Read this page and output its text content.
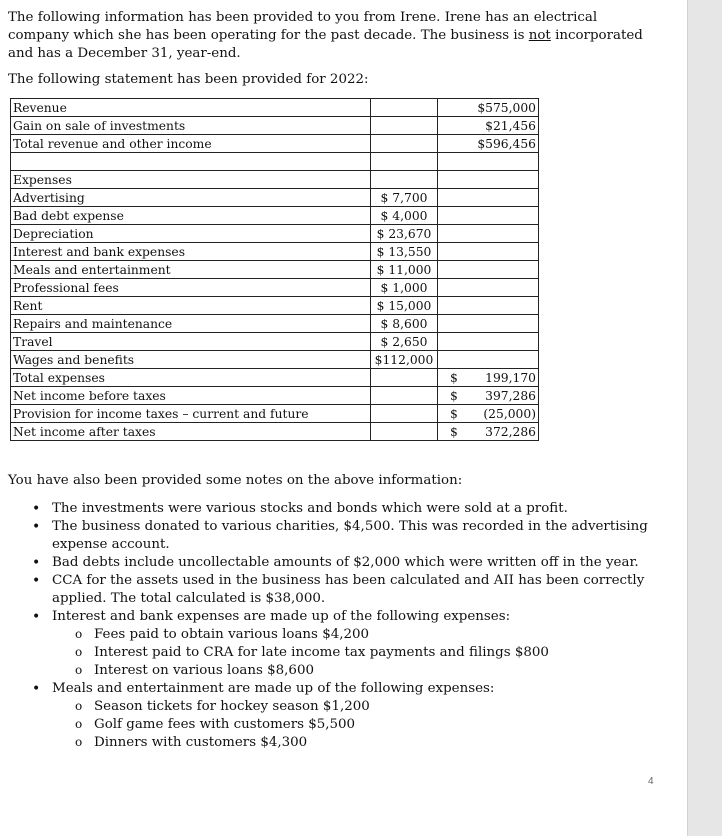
The following information has been provided to you from Irene. Irene has an electrical company which she has been operating for the past decade. The business is not incorporated and has a December 31, year-end.

The following statement has been provided for 2022:

Revenue		$575,000
Gain on sale of investments		$21,456
Total revenue and other income		$596,456

Expenses		
Advertising	$ 7,700	
Bad debt expense	$ 4,000	
Depreciation	$ 23,670	
Interest and bank expenses	$ 13,550	
Meals and entertainment	$ 11,000	
Professional fees	$ 1,000	
Rent	$ 15,000	
Repairs and maintenance	$ 8,600	
Travel	$ 2,650	
Wages and benefits	$112,000	
Total expenses		$ 199,170

Net income before taxes		$ 397,286

Provision for income taxes – current and future		$ (25,000)

Net income after taxes		$ 372,286

You have also been provided some notes on the above information:

• The investments were various stocks and bonds which were sold at a profit.
• The business donated to various charities, $4,500. This was recorded in the advertising expense account.
• Bad debts include uncollectable amounts of $2,000 which were written off in the year.
• CCA for the assets used in the business has been calculated and AII has been correctly applied. The total calculated is $38,000.
• Interest and bank expenses are made up of the following expenses:
o Fees paid to obtain various loans $4,200
o Interest paid to CRA for late income tax payments and filings $800
o Interest on various loans $8,600
• Meals and entertainment are made up of the following expenses:
o Season tickets for hockey season $1,200
o Golf game fees with customers $5,500
o Dinners with customers $4,300
4
